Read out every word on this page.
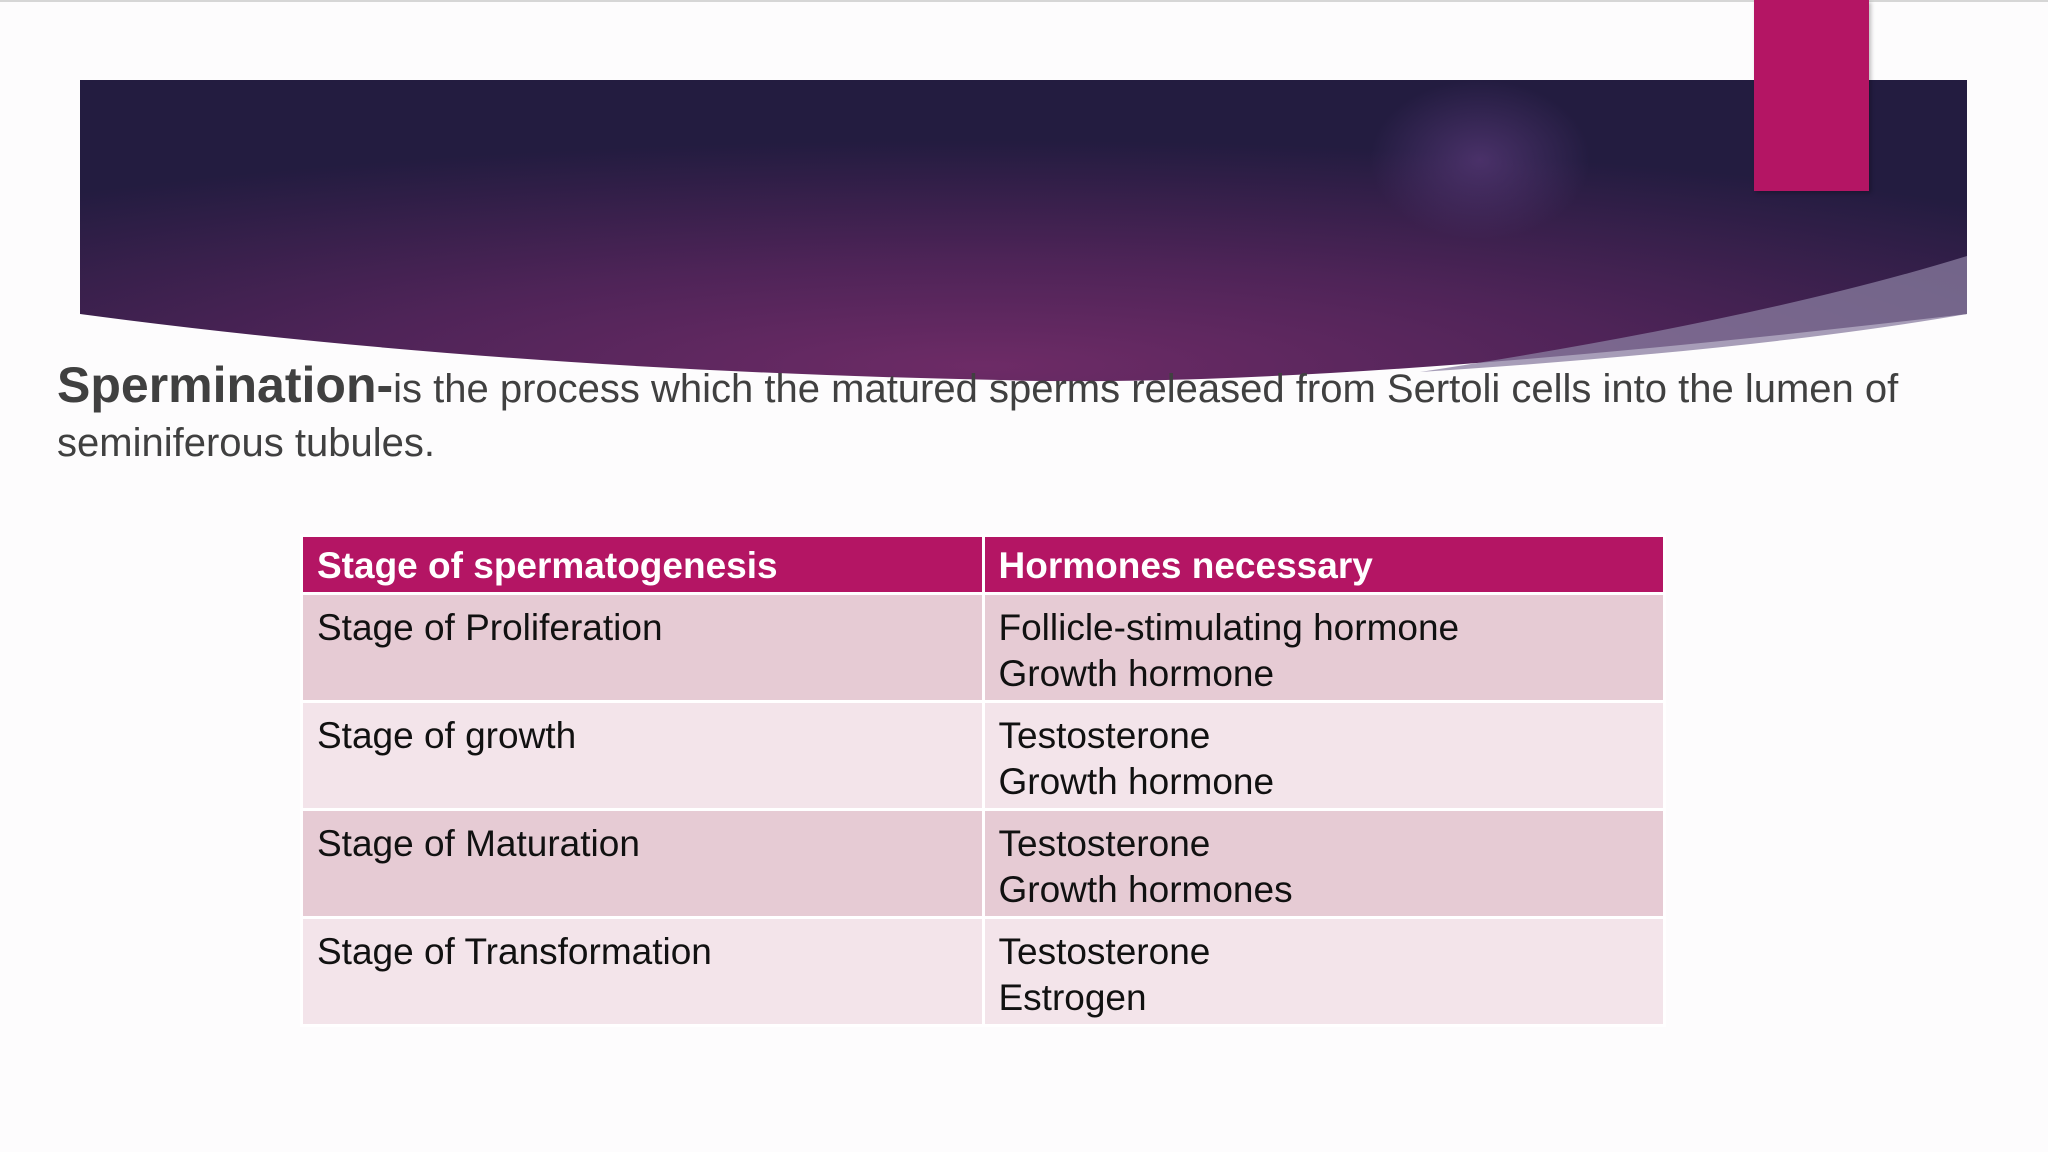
Spermination-is the process which the matured sperms released from Sertoli cells into the lumen of seminiferous tubules.
Stage of spermatogenesis	Hormones necessary
Stage of Proliferation	Follicle-stimulating hormone
Growth hormone

Stage of growth	Testosterone
Growth hormone

Stage of Maturation	Testosterone
Growth hormones

Stage of Transformation	Testosterone
Estrogen
